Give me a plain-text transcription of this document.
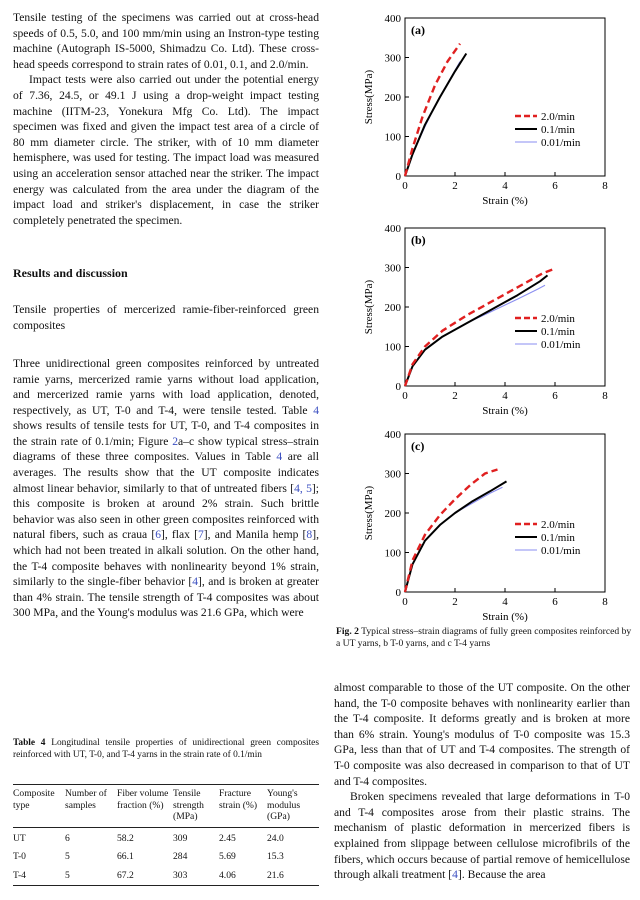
Tensile testing of the specimens was carried out at cross-head speeds of 0.5, 5.0, and 100 mm/min using an Instron-type testing machine (Autograph IS-5000, Shimadzu Co. Ltd). These cross-head speeds correspond to strain rates of 0.01, 0.1, and 2.0/min.

Impact tests were also carried out under the potential energy of 7.36, 24.5, or 49.1 J using a drop-weight impact testing machine (IITM-23, Yonekura Mfg Co. Ltd). The impact specimen was fixed and given the impact test area of a circle of 80 mm diameter circle. The striker, with of 10 mm diameter hemisphere, was used for testing. The impact load was measured using an acceleration sensor attached near the striker. The impact energy was calculated from the area under the diagram of the impact load and striker's displacement, in case the striker completely penetrated the specimen.

Results and discussion

Tensile properties of mercerized ramie-fiber-reinforced green composites

Three unidirectional green composites reinforced by untreated ramie yarns, mercerized ramie yarns without load application, and mercerized ramie yarns with load application, denoted, respectively, as UT, T-0 and T-4, were tensile tested. Table 4 shows results of tensile tests for UT, T-0, and T-4 composites in the strain rate of 0.1/min; Figure 2a–c show typical stress–strain diagrams of these three composites. Values in Table 4 are all averages. The results show that the UT composite indicates almost linear behavior, similarly to that of untreated fibers [4, 5]; this composite is broken at around 2% strain. Such brittle behavior was also seen in other green composites reinforced with natural fibers, such as craua [6], flax [7], and Manila hemp [8], which had not been treated in alkali solution. On the other hand, the T-4 composite behaves with nonlinearity beyond 1% strain, similarly to the single-fiber behavior [4], and is broken at greater than 4% strain. The tensile strength of T-4 composites was about 300 MPa, and the Young's modulus was 21.6 GPa, which were

Table 4 Longitudinal tensile properties of unidirectional green composites reinforced with UT, T-0, and T-4 yarns in the strain rate of 0.1/min
Composite type	Number of samples	Fiber volume fraction (%)	Tensile strength (MPa)	Fracture strain (%)	Young's modulus (GPa)
UT	6	58.2	309	2.45	24.0
T-0	5	66.1	284	5.69	15.3
T-4	5	67.2	303	4.06	21.6
0	2	4	6	8
0
100
200
300
400
Strain (%)
Stress(MPa)
(a)
2.0/min
0.1/min
0.01/min
0	2	4	6	8
0
100
200
300
400
Strain (%)
Stress(MPa)
(b)
2.0/min
0.1/min
0.01/min
0	2	4	6	8
0
100
200
300
400
Strain (%)
Stress(MPa)
(c)
2.0/min
0.1/min
0.01/min
Fig. 2 Typical stress–strain diagrams of fully green composites reinforced by a UT yarns, b T-0 yarns, and c T-4 yarns

almost comparable to those of the UT composite. On the other hand, the T-0 composite behaves with nonlinearity earlier than the T-4 composite. It deforms greatly and is broken at more than 6% strain. Young's modulus of T-0 composite was 15.3 GPa, less than that of UT and T-4 composites. The strength of T-0 composite was also decreased in comparison to that of UT and T-4 composites.

Broken specimens revealed that large deformations in T-0 and T-4 composites arose from their plastic strains. The mechanism of plastic deformation in mercerized fibers is explained from slippage between cellulose microfibrils of the fibers, which occurs because of partial remove of hemicellulose through alkali treatment [4]. Because the area
